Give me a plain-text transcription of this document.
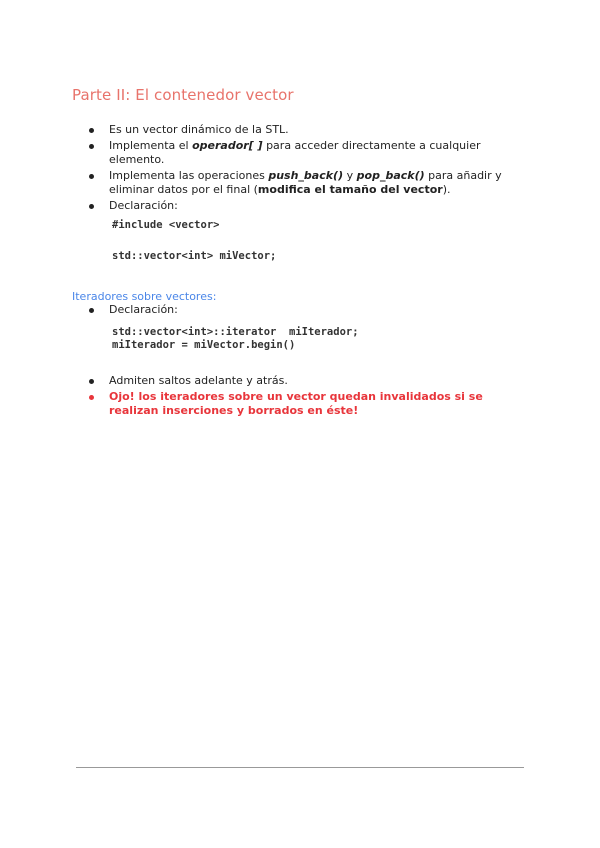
Parte II: El contenedor vector
Es un vector dinámico de la STL.
Implementa el operador[ ] para acceder directamente a cualquier elemento.
Implementa las operaciones push_back() y pop_back() para añadir y eliminar datos por el final (modifica el tamaño del vector).
Declaración:
#include <vector>
std::vector<int> miVector;
Iteradores sobre vectores:
Declaración:
std::vector<int>::iterator  miIterador;
miIterador = miVector.begin()
Admiten saltos adelante y atrás.
Ojo! los iteradores sobre un vector quedan invalidados si se realizan inserciones y borrados en éste!
